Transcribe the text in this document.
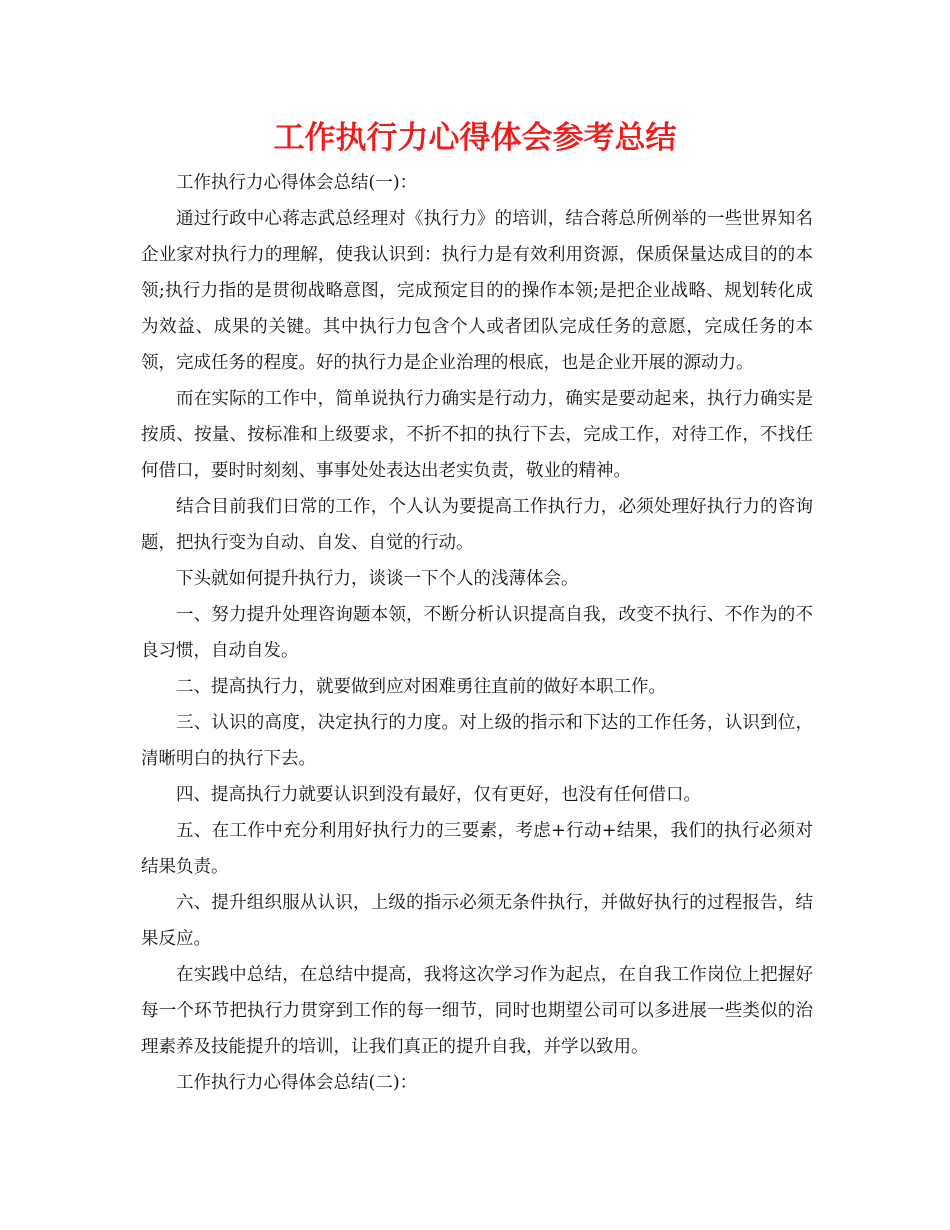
工作执行力心得体会参考总结

工作执行力心得体会总结(一)：

通过行政中心蒋志武总经理对《执行力》的培训，结合蒋总所例举的一些世界知名企业家对执行力的理解，使我认识到：执行力是有效利用资源，保质保量达成目的的本领;执行力指的是贯彻战略意图，完成预定目的的操作本领;是把企业战略、规划转化成为效益、成果的关键。其中执行力包含个人或者团队完成任务的意愿，完成任务的本领，完成任务的程度。好的执行力是企业治理的根底，也是企业开展的源动力。

而在实际的工作中，简单说执行力确实是行动力，确实是要动起来，执行力确实是按质、按量、按标准和上级要求，不折不扣的执行下去，完成工作，对待工作，不找任何借口，要时时刻刻、事事处处表达出老实负责，敬业的精神。

结合目前我们日常的工作，个人认为要提高工作执行力，必须处理好执行力的咨询题，把执行变为自动、自发、自觉的行动。

下头就如何提升执行力，谈谈一下个人的浅薄体会。

一、努力提升处理咨询题本领，不断分析认识提高自我，改变不执行、不作为的不良习惯，自动自发。

二、提高执行力，就要做到应对困难勇往直前的做好本职工作。

三、认识的高度，决定执行的力度。对上级的指示和下达的工作任务，认识到位，清晰明白的执行下去。

四、提高执行力就要认识到没有最好，仅有更好，也没有任何借口。

五、在工作中充分利用好执行力的三要素，考虑+行动+结果，我们的执行必须对结果负责。

六、提升组织服从认识，上级的指示必须无条件执行，并做好执行的过程报告，结果反应。

在实践中总结，在总结中提高，我将这次学习作为起点，在自我工作岗位上把握好每一个环节把执行力贯穿到工作的每一细节，同时也期望公司可以多进展一些类似的治理素养及技能提升的培训，让我们真正的提升自我，并学以致用。

工作执行力心得体会总结(二)：
